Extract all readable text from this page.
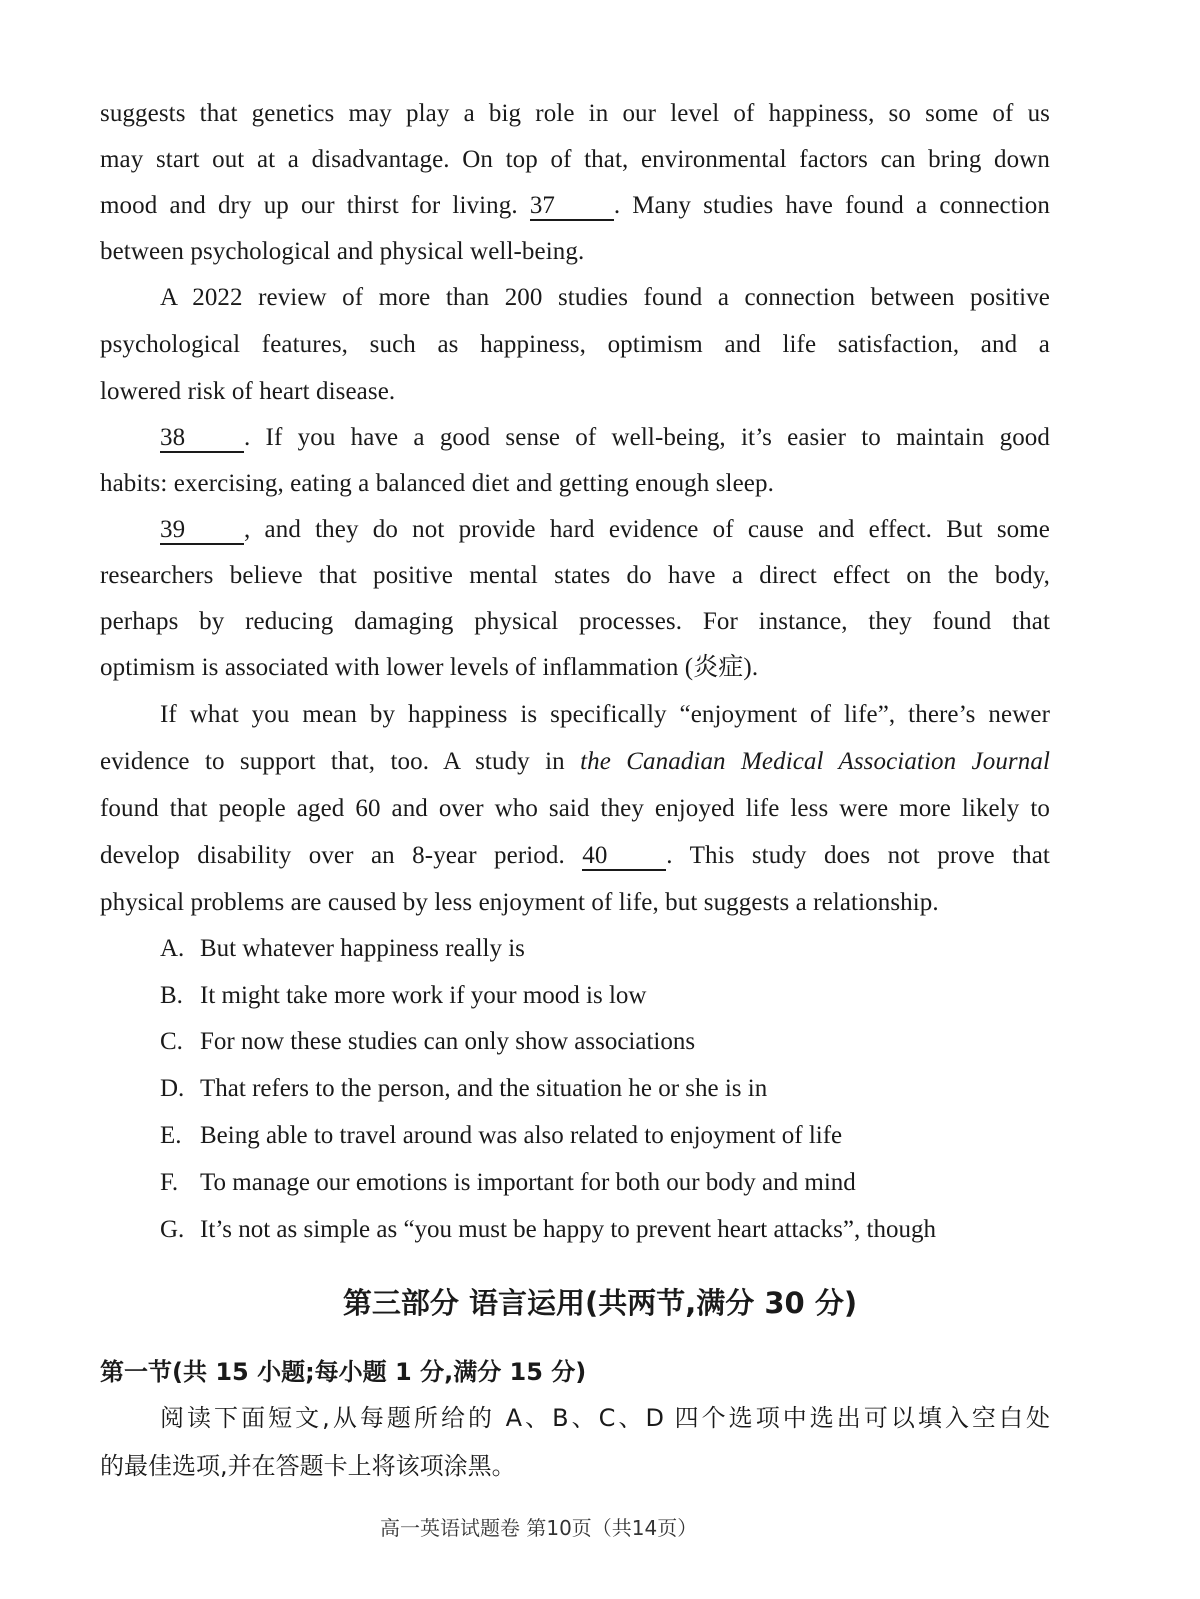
suggests that genetics may play a big role in our level of happiness, so some of us
may start out at a disadvantage. On top of that, environmental factors can bring down
mood and dry up our thirst for living. 37 . Many studies have found a connection
between psychological and physical well-being.
A 2022 review of more than 200 studies found a connection between positive
psychological features, such as happiness, optimism and life satisfaction, and a
lowered risk of heart disease.
38 . If you have a good sense of well-being, it’s easier to maintain good
habits: exercising, eating a balanced diet and getting enough sleep.
39 , and they do not provide hard evidence of cause and effect. But some
researchers believe that positive mental states do have a direct effect on the body,
perhaps by reducing damaging physical processes. For instance, they found that
optimism is associated with lower levels of inflammation (炎症).
If what you mean by happiness is specifically “enjoyment of life”, there’s newer
evidence to support that, too. A study in the Canadian Medical Association Journal
found that people aged 60 and over who said they enjoyed life less were more likely to
develop disability over an 8-year period. 40 . This study does not prove that
physical problems are caused by less enjoyment of life, but suggests a relationship.
A. But whatever happiness really is
B. It might take more work if your mood is low
C. For now these studies can only show associations
D. That refers to the person, and the situation he or she is in
E. Being able to travel around was also related to enjoyment of life
F. To manage our emotions is important for both our body and mind
G. It’s not as simple as “you must be happy to prevent heart attacks”, though
第三部分 语言运用(共两节,满分 30 分)
第一节(共 15 小题;每小题 1 分,满分 15 分)
阅读下面短文,从每题所给的 A、B、C、D 四个选项中选出可以填入空白处
的最佳选项,并在答题卡上将该项涂黑。
高一英语试题卷 第10页（共14页）
